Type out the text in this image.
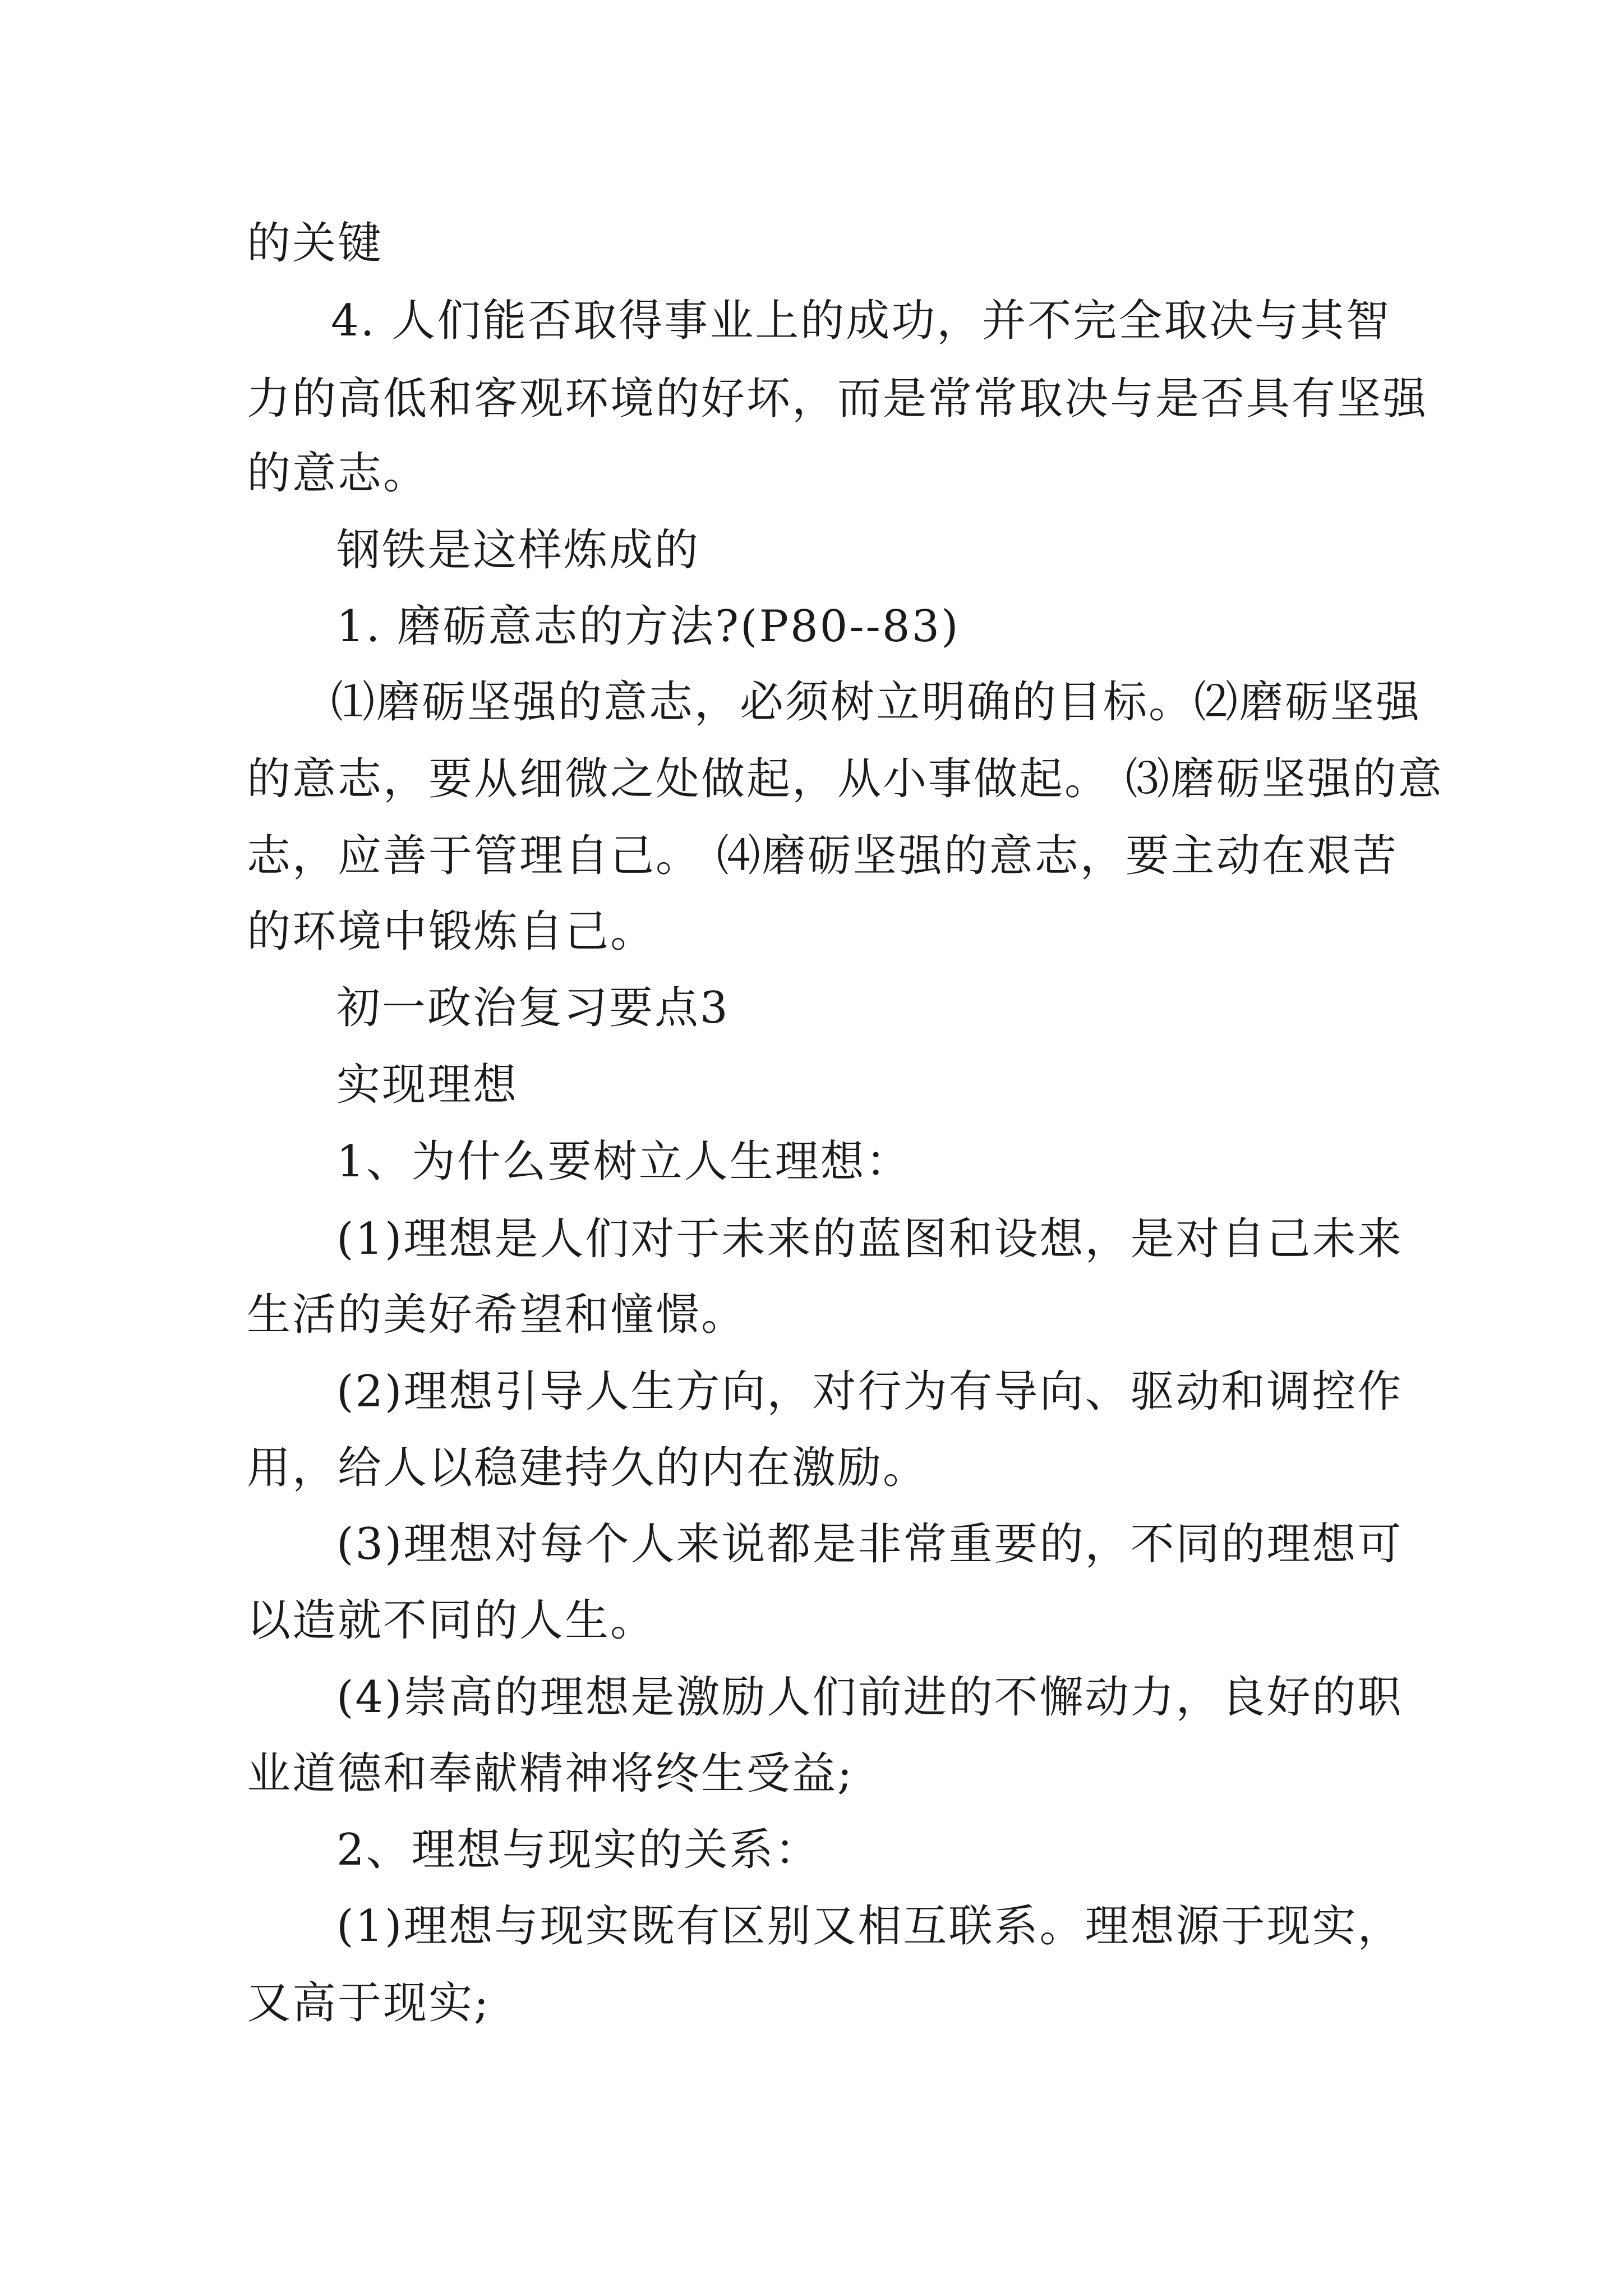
的关键
4. 人们能否取得事业上的成功，并不完全取决与其智
力的高低和客观环境的好坏，而是常常取决与是否具有坚强
的意志。
钢铁是这样炼成的
1. 磨砺意志的方法?(P80--83)
⑴磨砺坚强的意志，必须树立明确的目标。⑵磨砺坚强
的意志，要从细微之处做起，从小事做起。 ⑶磨砺坚强的意
志，应善于管理自己。 ⑷磨砺坚强的意志，要主动在艰苦
的环境中锻炼自己。
初一政治复习要点3
实现理想
1、为什么要树立人生理想：
(1)理想是人们对于未来的蓝图和设想，是对自己未来
生活的美好希望和憧憬。
(2)理想引导人生方向，对行为有导向、驱动和调控作
用，给人以稳建持久的内在激励。
(3)理想对每个人来说都是非常重要的，不同的理想可
以造就不同的人生。
(4)崇高的理想是激励人们前进的不懈动力，良好的职
业道德和奉献精神将终生受益;
2、理想与现实的关系：
(1)理想与现实既有区别又相互联系。理想源于现实，
又高于现实;
